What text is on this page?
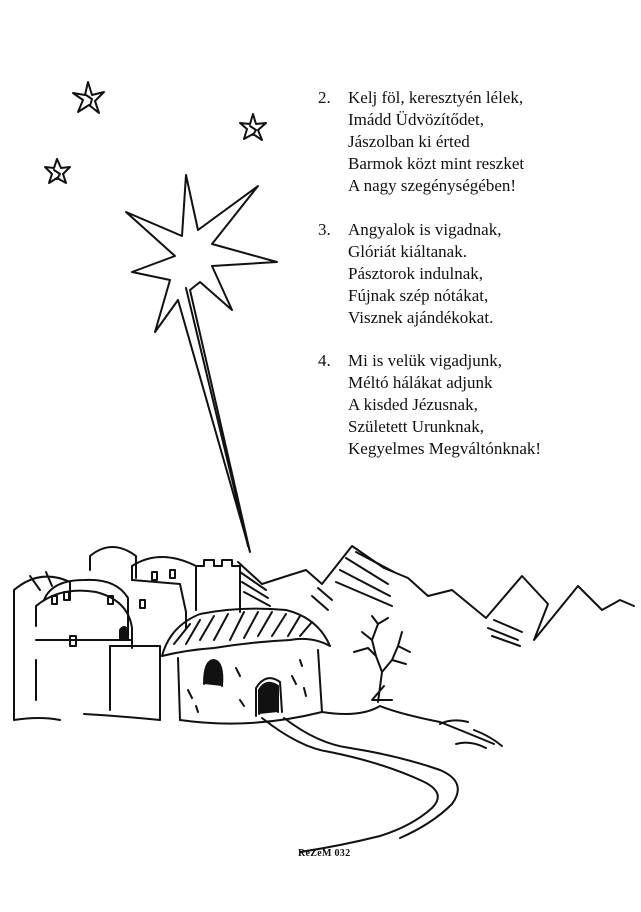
2.	Kelj föl, keresztyén lélek,
Imádd Üdvözítődet,
Jászolban ki érted
Barmok közt mint reszket
A nagy szegénységében!
3.	Angyalok is vigadnak,
Glóriát kiáltanak.
Pásztorok indulnak,
Fújnak szép nótákat,
Visznek ajándékokat.
4.	Mi is velük vigadjunk,
Méltó hálákat adjunk
A kisded Jézusnak,
Született Urunknak,
Kegyelmes Megváltónknak!
ReZeM 032
